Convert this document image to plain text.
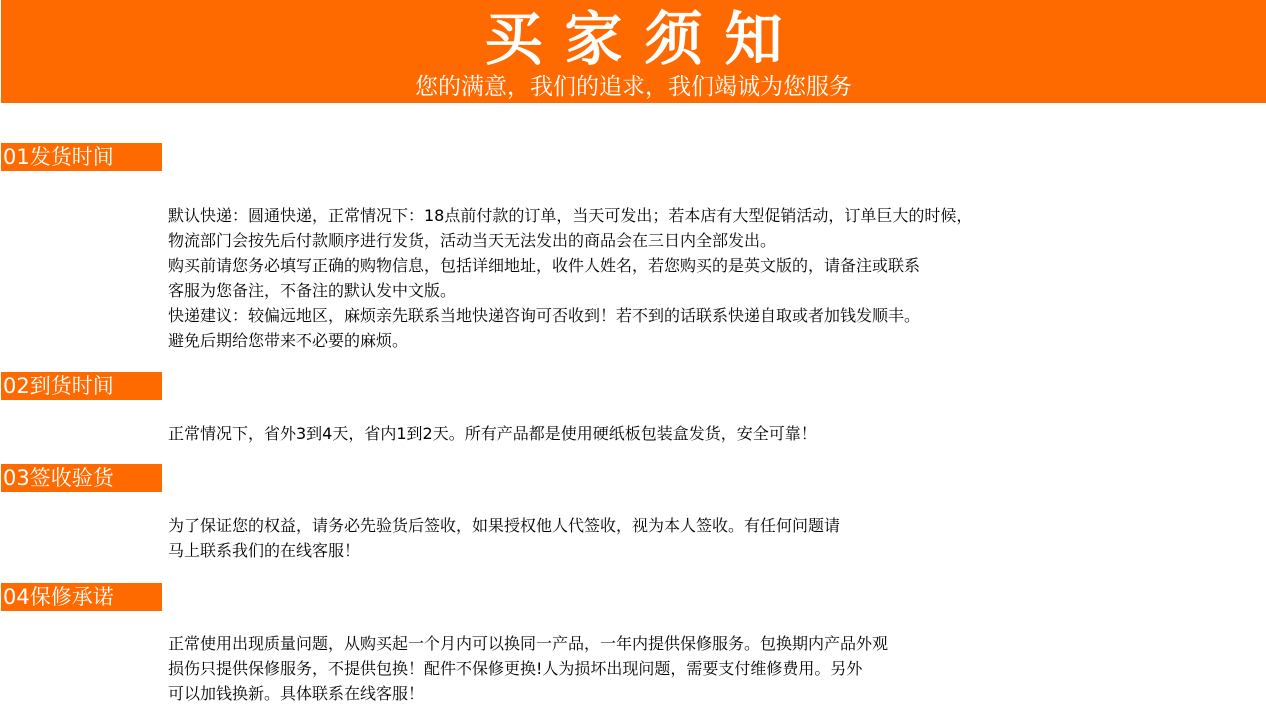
买家须知
您的满意，我们的追求，我们竭诚为您服务
01发货时间
默认快递：圆通快递，正常情况下：18点前付款的订单，当天可发出；若本店有大型促销活动，订单巨大的时候，
物流部门会按先后付款顺序进行发货，活动当天无法发出的商品会在三日内全部发出。
购买前请您务必填写正确的购物信息，包括详细地址，收件人姓名，若您购买的是英文版的，请备注或联系
客服为您备注，不备注的默认发中文版。
快递建议：较偏远地区，麻烦亲先联系当地快递咨询可否收到！若不到的话联系快递自取或者加钱发顺丰。
避免后期给您带来不必要的麻烦。
02到货时间
正常情况下，省外3到4天，省内1到2天。所有产品都是使用硬纸板包装盒发货，安全可靠！
03签收验货
为了保证您的权益，请务必先验货后签收，如果授权他人代签收，视为本人签收。有任何问题请
马上联系我们的在线客服！
04保修承诺
正常使用出现质量问题，从购买起一个月内可以换同一产品，一年内提供保修服务。包换期内产品外观
损伤只提供保修服务，不提供包换！配件不保修更换!人为损坏出现问题，需要支付维修费用。另外
可以加钱换新。具体联系在线客服！
